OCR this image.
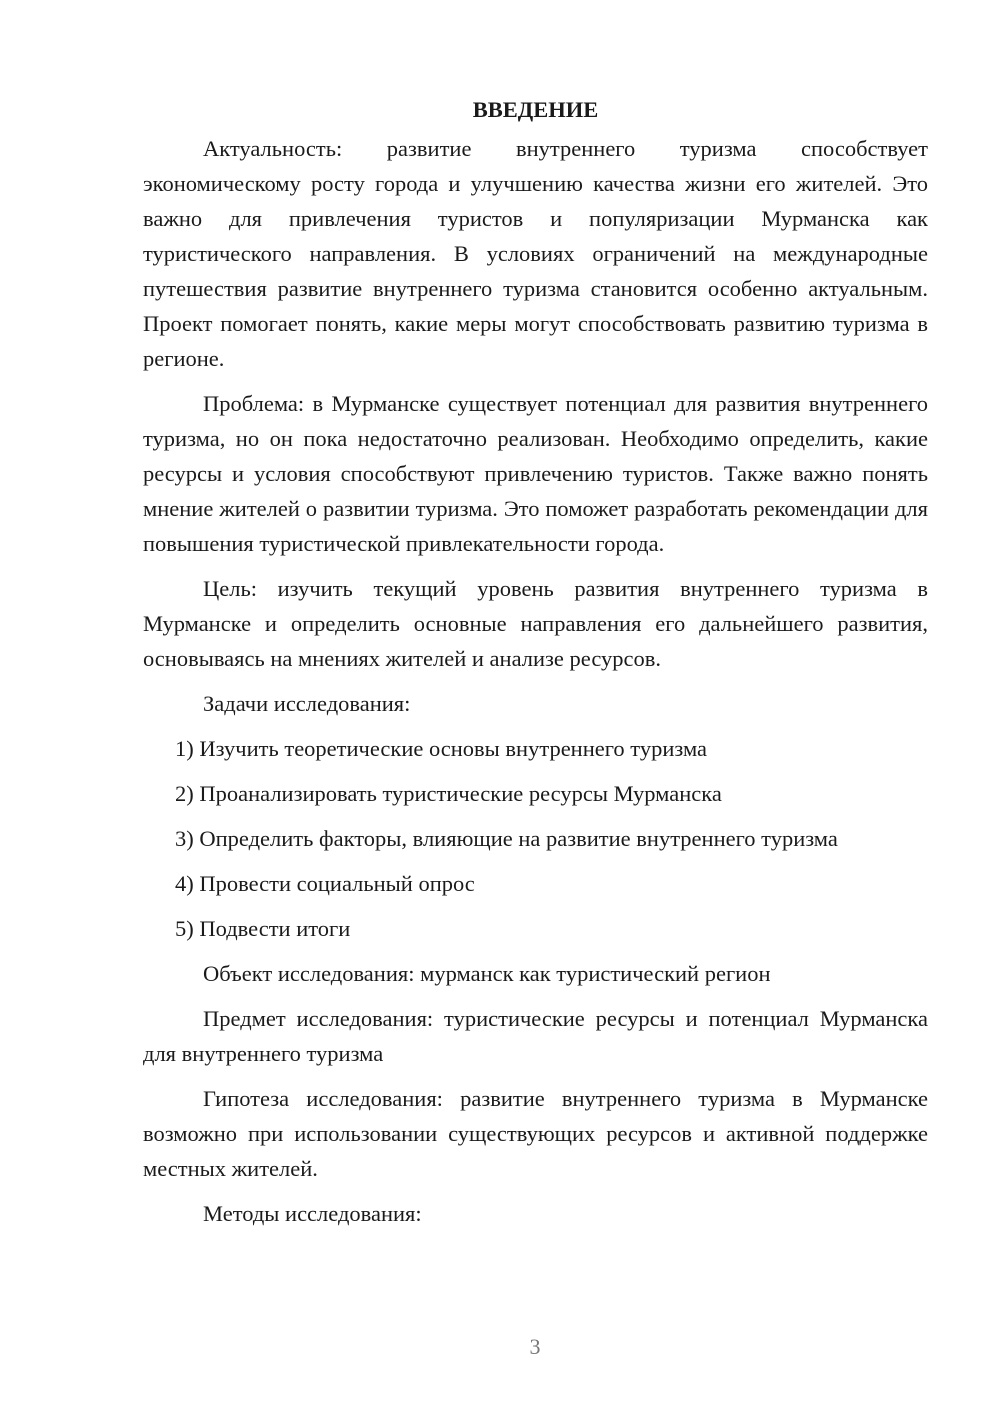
ВВЕДЕНИЕ

Актуальность: развитие внутреннего туризма способствует экономическому росту города и улучшению качества жизни его жителей. Это важно для привлечения туристов и популяризации Мурманска как туристического направления. В условиях ограничений на международные путешествия развитие внутреннего туризма становится особенно актуальным. Проект помогает понять, какие меры могут способствовать развитию туризма в регионе.

Проблема: в Мурманске существует потенциал для развития внутреннего туризма, но он пока недостаточно реализован. Необходимо определить, какие ресурсы и условия способствуют привлечению туристов. Также важно понять мнение жителей о развитии туризма. Это поможет разработать рекомендации для повышения туристической привлекательности города.

Цель: изучить текущий уровень развития внутреннего туризма в Мурманске и определить основные направления его дальнейшего развития, основываясь на мнениях жителей и анализе ресурсов.

Задачи исследования:

1) Изучить теоретические основы внутреннего туризма
2) Проанализировать туристические ресурсы Мурманска
3) Определить факторы, влияющие на развитие внутреннего туризма
4) Провести социальный опрос
5) Подвести итоги

Объект исследования: мурманск как туристический регион

Предмет исследования: туристические ресурсы и потенциал Мурманска для внутреннего туризма

Гипотеза исследования: развитие внутреннего туризма в Мурманске возможно при использовании существующих ресурсов и активной поддержке местных жителей.

Методы исследования:

3
